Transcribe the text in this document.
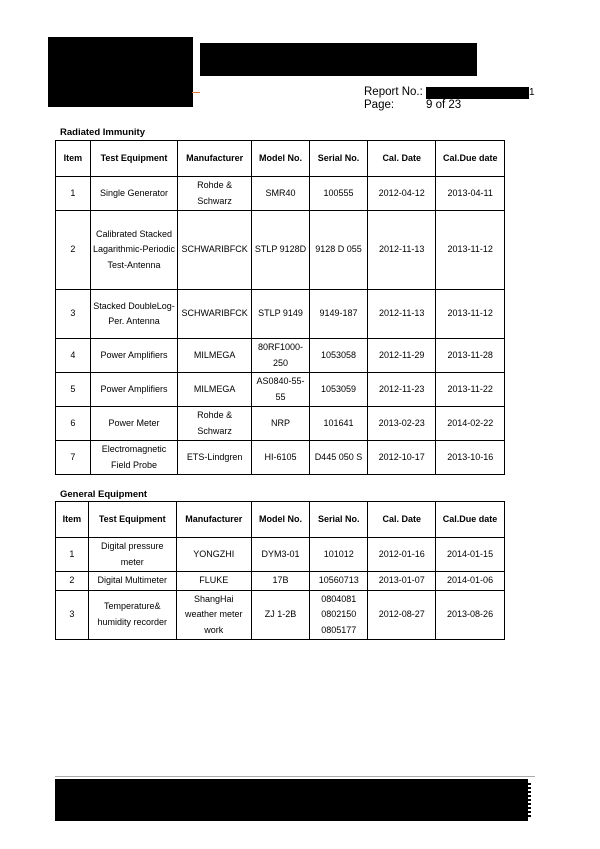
Report No.:	1
Page:	9 of 23
Radiated Immunity
Item	Test Equipment	Manufacturer	Model No.	Serial No.	Cal. Date	Cal.Due date
1	Single Generator	Rohde & Schwarz	SMR40	100555	2012-04-12	2013-04-11
2	Calibrated Stacked Lagarithmic-Periodic Test-Antenna	SCHWARIBFCK	STLP 9128D	9128 D 055	2012-11-13	2013-11-12
3	Stacked DoubleLog-Per. Antenna	SCHWARIBFCK	STLP 9149	9149-187	2012-11-13	2013-11-12
4	Power Amplifiers	MILMEGA	80RF1000-250	1053058	2012-11-29	2013-11-28
5	Power Amplifiers	MILMEGA	AS0840-55-55	1053059	2012-11-23	2013-11-22
6	Power Meter	Rohde & Schwarz	NRP	101641	2013-02-23	2014-02-22
7	Electromagnetic Field Probe	ETS-Lindgren	HI-6105	D445 050 S	2012-10-17	2013-10-16
General Equipment
Item	Test Equipment	Manufacturer	Model No.	Serial No.	Cal. Date	Cal.Due date
1	Digital pressure meter	YONGZHI	DYM3-01	101012	2012-01-16	2014-01-15
2	Digital Multimeter	FLUKE	17B	10560713	2013-01-07	2014-01-06
3	Temperature& humidity recorder	ShangHai weather meter work	ZJ 1-2B	0804081 0802150 0805177	2012-08-27	2013-08-26
